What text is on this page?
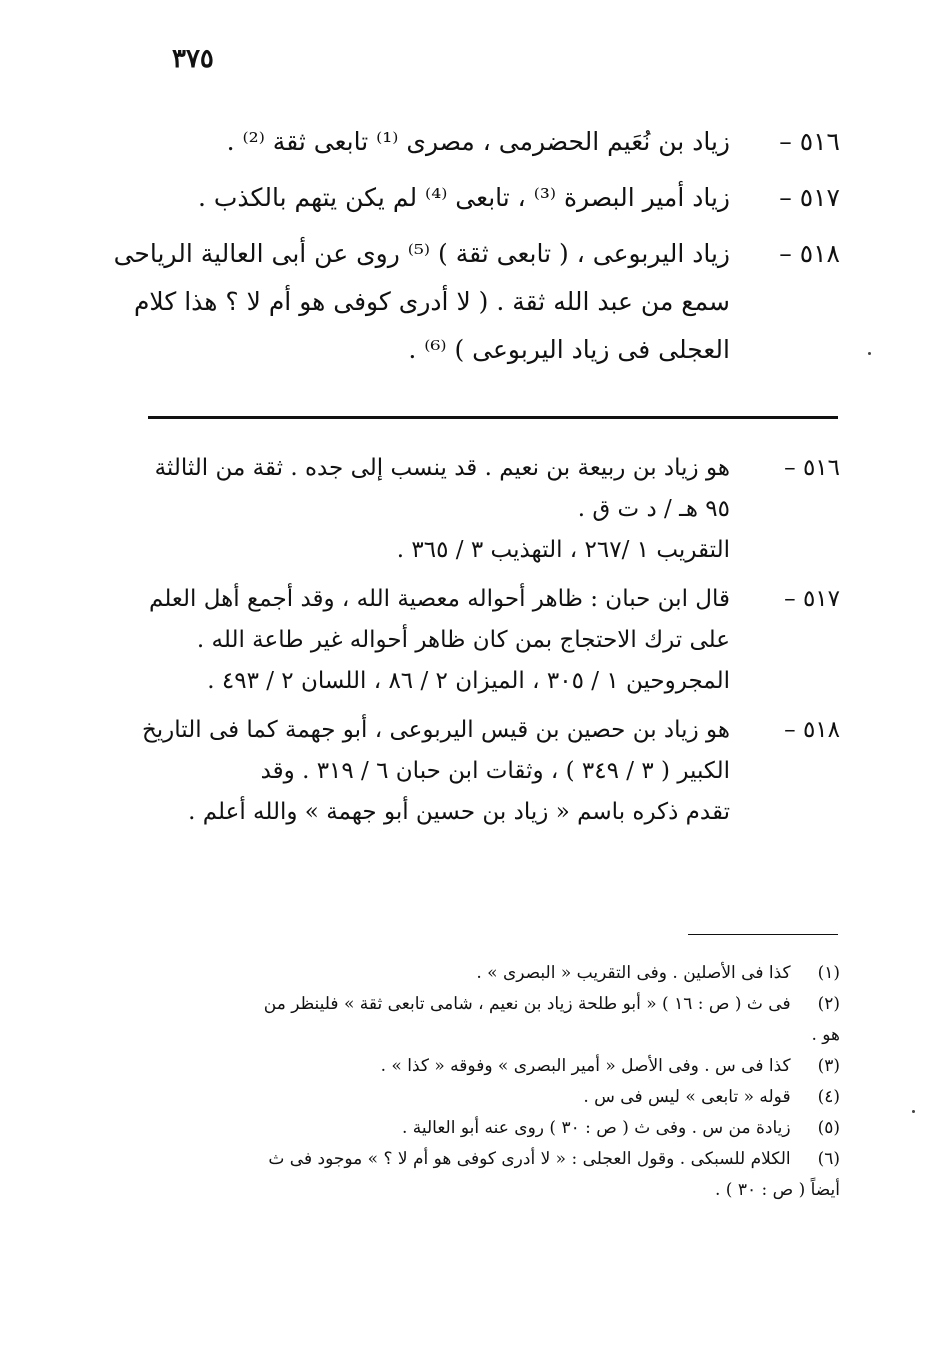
٣٧٥
٥١٦ –
زياد بن نُعَيم الحضرمى ، مصرى ⁽¹⁾ تابعى ثقة ⁽²⁾ .
٥١٧ –
زياد أمير البصرة ⁽³⁾ ، تابعى ⁽⁴⁾ لم يكن يتهم بالكذب .
٥١٨ –
زياد اليربوعى ، ( تابعى ثقة ) ⁽⁵⁾ روى عن أبى العالية الرياحى
سمع من عبد الله ثقة . ( لا أدرى كوفى هو أم لا ؟ هذا كلام
العجلى فى زياد اليربوعى ) ⁽⁶⁾ .
٥١٦ –
هو زياد بن ربيعة بن نعيم . قد ينسب إلى جده . ثقة من الثالثة
٩٥ هـ / د ت ق .
التقريب ١ /٢٦٧ ، التهذيب ٣ / ٣٦٥ .
٥١٧ –
قال ابن حبان : ظاهر أحواله معصية الله ، وقد أجمع أهل العلم
على ترك الاحتجاج بمن كان ظاهر أحواله غير طاعة الله .
المجروحين ١ / ٣٠٥ ، الميزان ٢ / ٨٦ ، اللسان ٢ / ٤٩٣ .
٥١٨ –
هو زياد بن حصين بن قيس اليربوعى ، أبو جهمة كما فى التاريخ
الكبير ( ٣ / ٣٤٩ ) ، وثقات ابن حبان ٦ / ٣١٩ . وقد
تقدم ذكره باسم « زياد بن حسين أبو جهمة » والله أعلم .
(١) كذا فى الأصلين . وفى التقريب « البصرى » .
(٢) فى ث ( ص : ١٦ ) « أبو طلحة زياد بن نعيم ، شامى تابعى ثقة » فلينظر من
هو .
(٣) كذا فى س . وفى الأصل « أمير البصرى » وفوقه « كذا » .
(٤) قوله « تابعى » ليس فى س .
(٥) زيادة من س . وفى ث ( ص : ٣٠ ) روى عنه أبو العالية .
(٦) الكلام للسبكى . وقول العجلى : « لا أدرى كوفى هو أم لا ؟ » موجود فى ث
أيضاً ( ص : ٣٠ ) .
